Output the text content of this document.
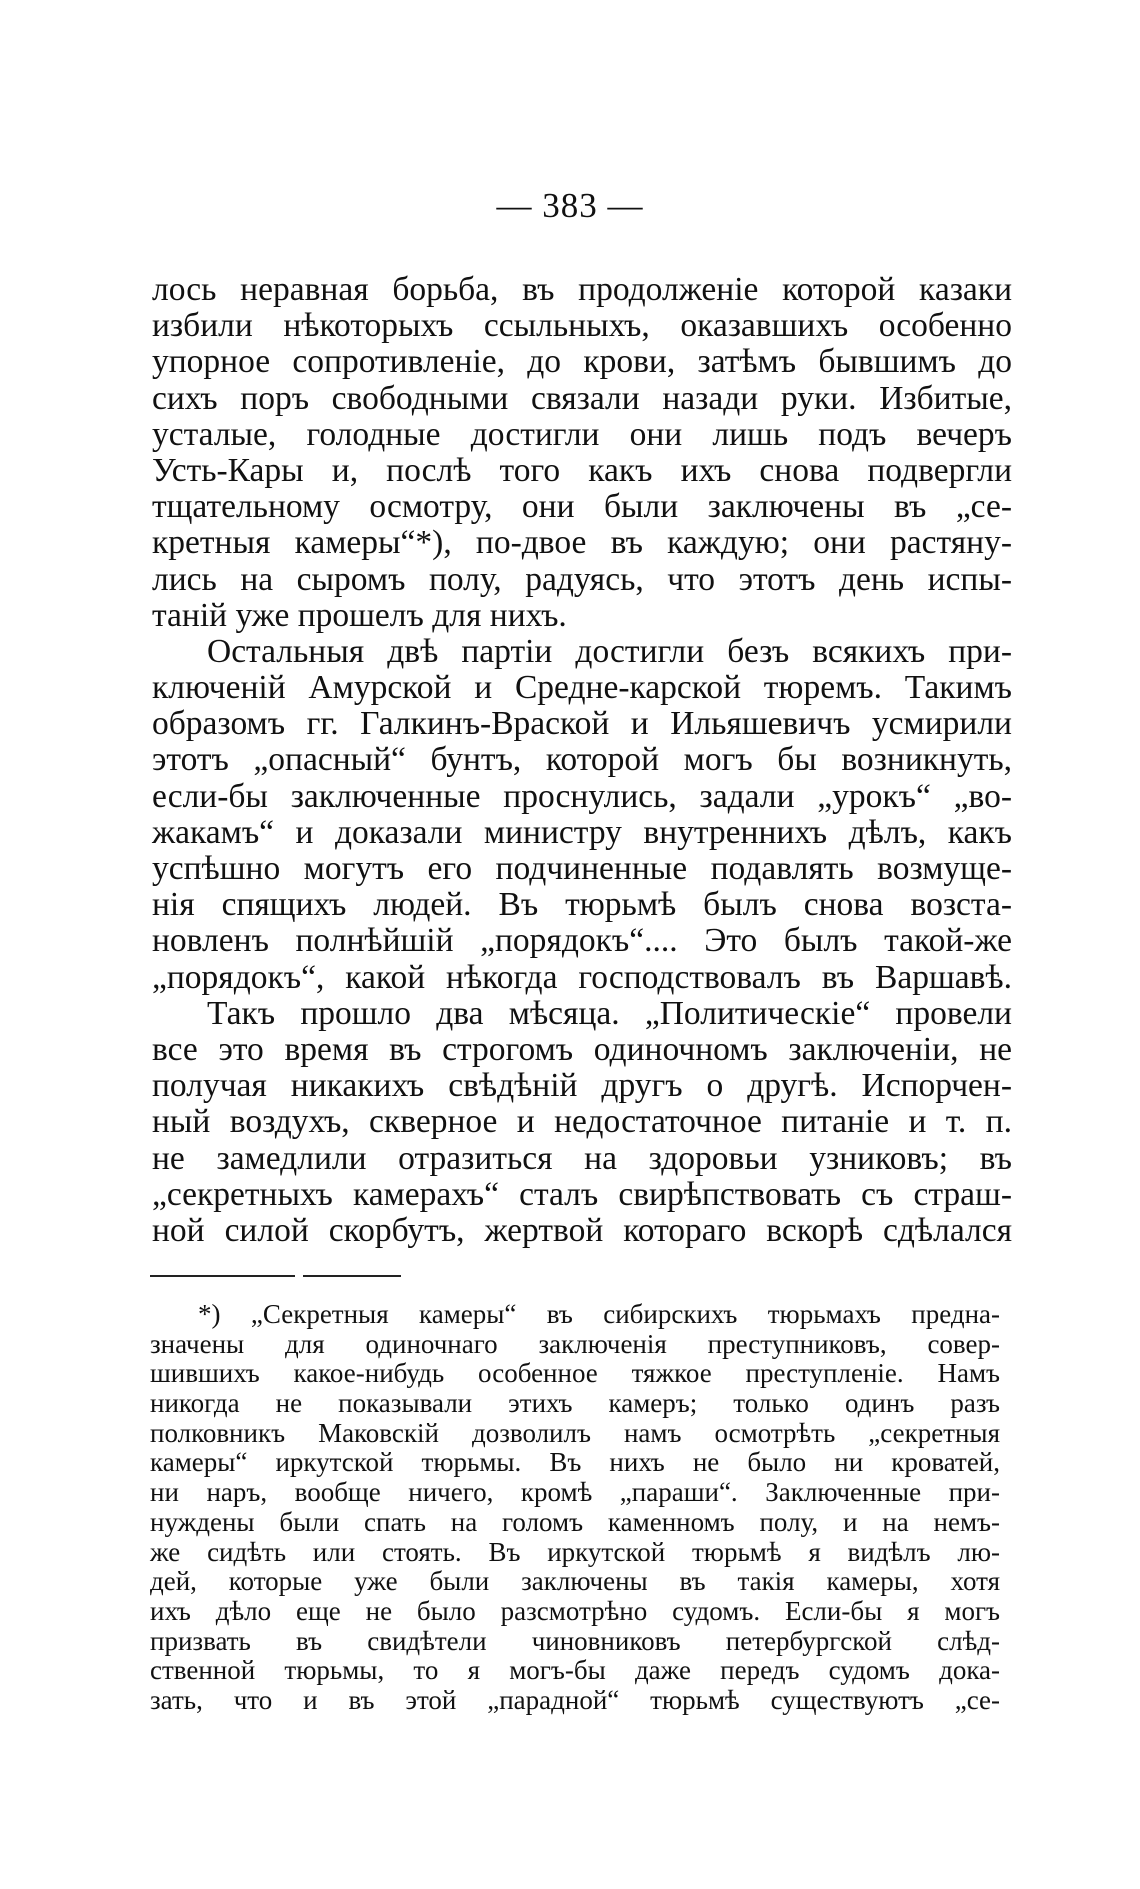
— 383 —
лось неравная борьба, въ продолженіе которой казаки
избили нѣкоторыхъ ссыльныхъ, оказавшихъ особенно
упорное сопротивленіе, до крови, затѣмъ бывшимъ до
сихъ поръ свободными связали назади руки. Избитые,
усталые, голодные достигли они лишь подъ вечеръ
Усть-Кары и, послѣ того какъ ихъ снова подвергли
тщательному осмотру, они были заключены въ „се-
кретныя камеры“*), по-двое въ каждую; они растяну-
лись на сыромъ полу, радуясь, что этотъ день испы-
таній уже прошелъ для нихъ.
Остальныя двѣ партіи достигли безъ всякихъ при-
ключеній Амурской и Средне-карской тюремъ. Такимъ
образомъ гг. Галкинъ-Враской и Ильяшевичъ усмирили
этотъ „опасный“ бунтъ, которой могъ бы возникнуть,
если-бы заключенные проснулись, задали „урокъ“ „во-
жакамъ“ и доказали министру внутреннихъ дѣлъ, какъ
успѣшно могутъ его подчиненные подавлять возмуще-
нія спящихъ людей. Въ тюрьмѣ былъ снова возста-
новленъ полнѣйшій „порядокъ“.... Это былъ такой-же
„порядокъ“, какой нѣкогда господствовалъ въ Варшавѣ.
Такъ прошло два мѣсяца. „Политическіе“ провели
все это время въ строгомъ одиночномъ заключеніи, не
получая никакихъ свѣдѣній другъ о другѣ. Испорчен-
ный воздухъ, скверное и недостаточное питаніе и т. п.
не замедлили отразиться на здоровьи узниковъ; въ
„секретныхъ камерахъ“ сталъ свирѣпствовать съ страш-
ной силой скорбутъ, жертвой котораго вскорѣ сдѣлался
*) „Секретныя камеры“ въ сибирскихъ тюрьмахъ предна-
значены для одиночнаго заключенія преступниковъ, совер-
шившихъ какое-нибудь особенное тяжкое преступленіе. Намъ
никогда не показывали этихъ камеръ; только одинъ разъ
полковникъ Маковскій дозволилъ намъ осмотрѣть „секретныя
камеры“ иркутской тюрьмы. Въ нихъ не было ни кроватей,
ни наръ, вообще ничего, кромѣ „параши“. Заключенные при-
нуждены были спать на голомъ каменномъ полу, и на немъ-
же сидѣть или стоять. Въ иркутской тюрьмѣ я видѣлъ лю-
дей, которые уже были заключены въ такія камеры, хотя
ихъ дѣло еще не было разсмотрѣно судомъ. Если-бы я могъ
призвать въ свидѣтели чиновниковъ петербургской слѣд-
ственной тюрьмы, то я могъ-бы даже передъ судомъ дока-
зать, что и въ этой „парадной“ тюрьмѣ существуютъ „се-
